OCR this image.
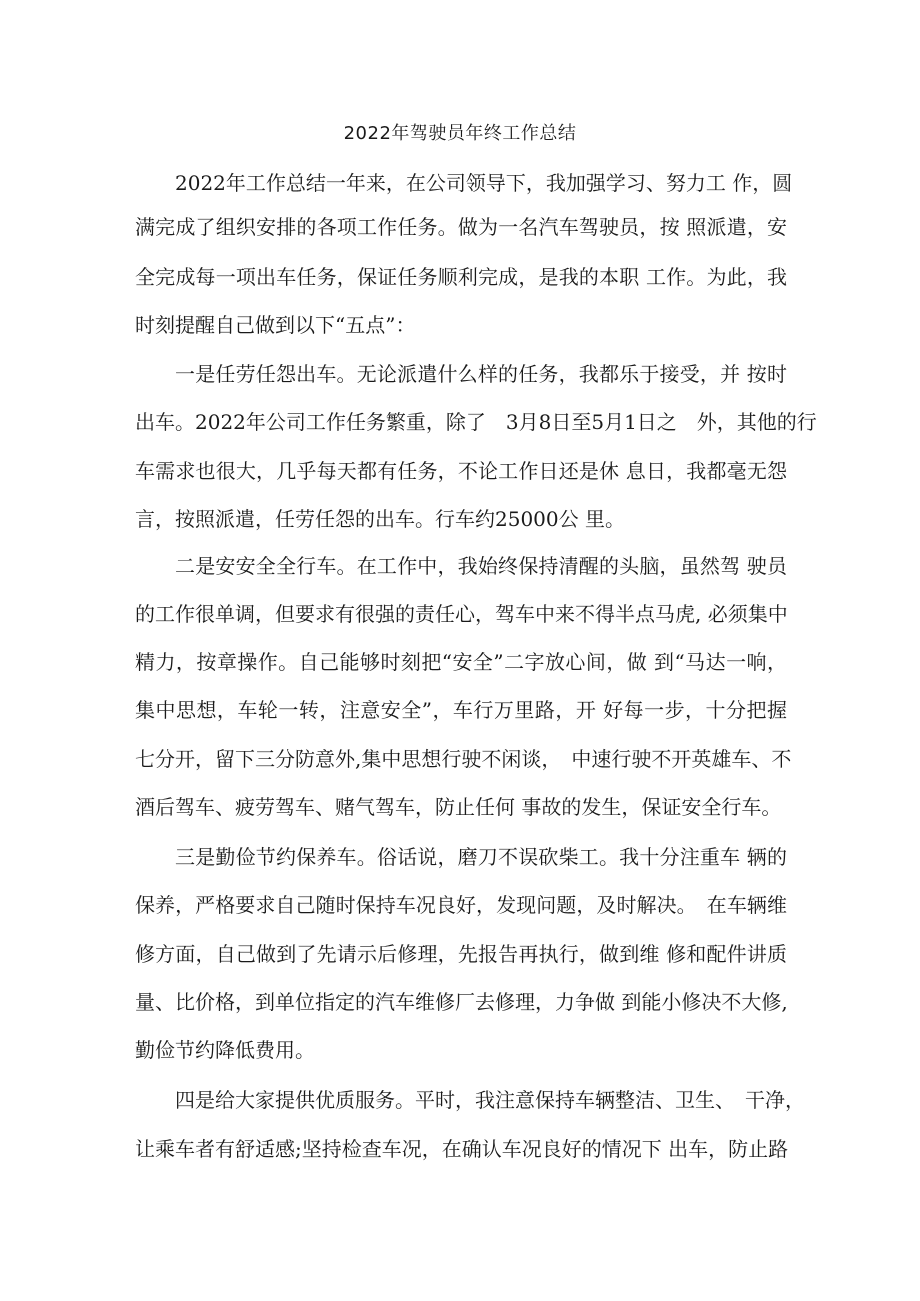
2022年驾驶员年终工作总结
2022年工作总结一年来，在公司领导下，我加强学习、努力工 作，圆
满完成了组织安排的各项工作任务。做为一名汽车驾驶员，按 照派遣，安
全完成每一项出车任务，保证任务顺利完成，是我的本职 工作。为此，我
时刻提醒自己做到以下“五点”：
一是任劳任怨出车。无论派遣什么样的任务，我都乐于接受，并 按时
出车。2022年公司工作任务繁重，除了　3月8日至5月1日之　外，其他的行
车需求也很大，几乎每天都有任务，不论工作日还是休 息日，我都毫无怨
言，按照派遣，任劳任怨的出车。行车约25000公 里。
二是安安全全行车。在工作中，我始终保持清醒的头脑，虽然驾 驶员
的工作很单调，但要求有很强的责任心，驾车中来不得半点马虎, 必须集中
精力，按章操作。自己能够时刻把“安全”二字放心间，做 到“马达一响，
集中思想，车轮一转，注意安全”，车行万里路，开 好每一步，十分把握
七分开，留下三分防意外,集中思想行驶不闲谈，　中速行驶不开英雄车、不
酒后驾车、疲劳驾车、赌气驾车，防止任何 事故的发生，保证安全行车。
三是勤俭节约保养车。俗话说，磨刀不误砍柴工。我十分注重车 辆的
保养，严格要求自己随时保持车况良好，发现问题，及时解决。　在车辆维
修方面，自己做到了先请示后修理，先报告再执行，做到维 修和配件讲质
量、比价格，到单位指定的汽车维修厂去修理，力争做 到能小修决不大修,
勤俭节约降低费用。
四是给大家提供优质服务。平时，我注意保持车辆整洁、卫生、　干净，
让乘车者有舒适感;坚持检查车况，在确认车况良好的情况下 出车，防止路
